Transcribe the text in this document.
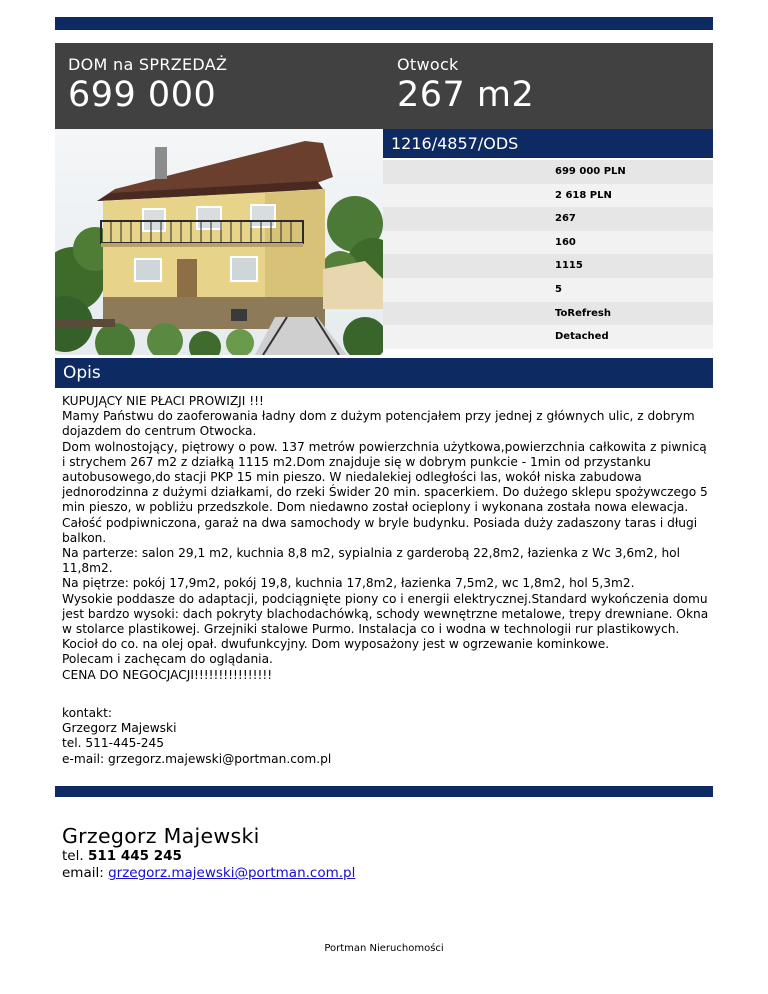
DOM na SPRZEDAŻ
699 000
Otwock
267 m2
1216/4857/ODS
699 000 PLN
2 618 PLN
267
160
1115
5
ToRefresh
Detached
Opis

KUPUJĄCY NIE PŁACI PROWIZJI !!!

Mamy Państwu do zaoferowania ładny dom z dużym potencjałem przy jednej z głównych ulic, z dobrym dojazdem do centrum Otwocka.

Dom wolnostojący, piętrowy o pow. 137 metrów powierzchnia użytkowa,powierzchnia całkowita z piwnicą i strychem 267 m2 z działką 1115 m2.Dom znajduje się w dobrym punkcie - 1min od przystanku autobusowego,do stacji PKP 15 min pieszo. W niedalekiej odległości las, wokół niska zabudowa jednorodzinna z dużymi działkami, do rzeki Świder 20 min. spacerkiem. Do dużego sklepu spożywczego 5 min pieszo, w pobliżu przedszkole. Dom niedawno został ocieplony i wykonana została nowa elewacja. Całość podpiwniczona, garaż na dwa samochody w bryle budynku. Posiada duży zadaszony taras i długi balkon.

Na parterze: salon 29,1 m2, kuchnia 8,8 m2, sypialnia z garderobą 22,8m2, łazienka z Wc 3,6m2, hol 11,8m2.

Na piętrze: pokój 17,9m2, pokój 19,8, kuchnia 17,8m2, łazienka 7,5m2, wc 1,8m2, hol 5,3m2.

Wysokie poddasze do adaptacji, podciągnięte piony co i energii elektrycznej.Standard wykończenia domu jest bardzo wysoki: dach pokryty blachodachówką, schody wewnętrzne metalowe, trepy drewniane. Okna w stolarce plastikowej. Grzejniki stalowe Purmo. Instalacja co i wodna w technologii rur plastikowych. Kocioł do co. na olej opał. dwufunkcyjny. Dom wyposażony jest w ogrzewanie kominkowe.

Polecam i zachęcam do oglądania.

CENA DO NEGOCJACJI!!!!!!!!!!!!!!!!

kontakt:

Grzegorz Majewski

tel. 511-445-245

e-mail: grzegorz.majewski@portman.com.pl

Grzegorz Majewski
tel. 511 445 245
email: grzegorz.majewski@portman.com.pl
Portman Nieruchomości
